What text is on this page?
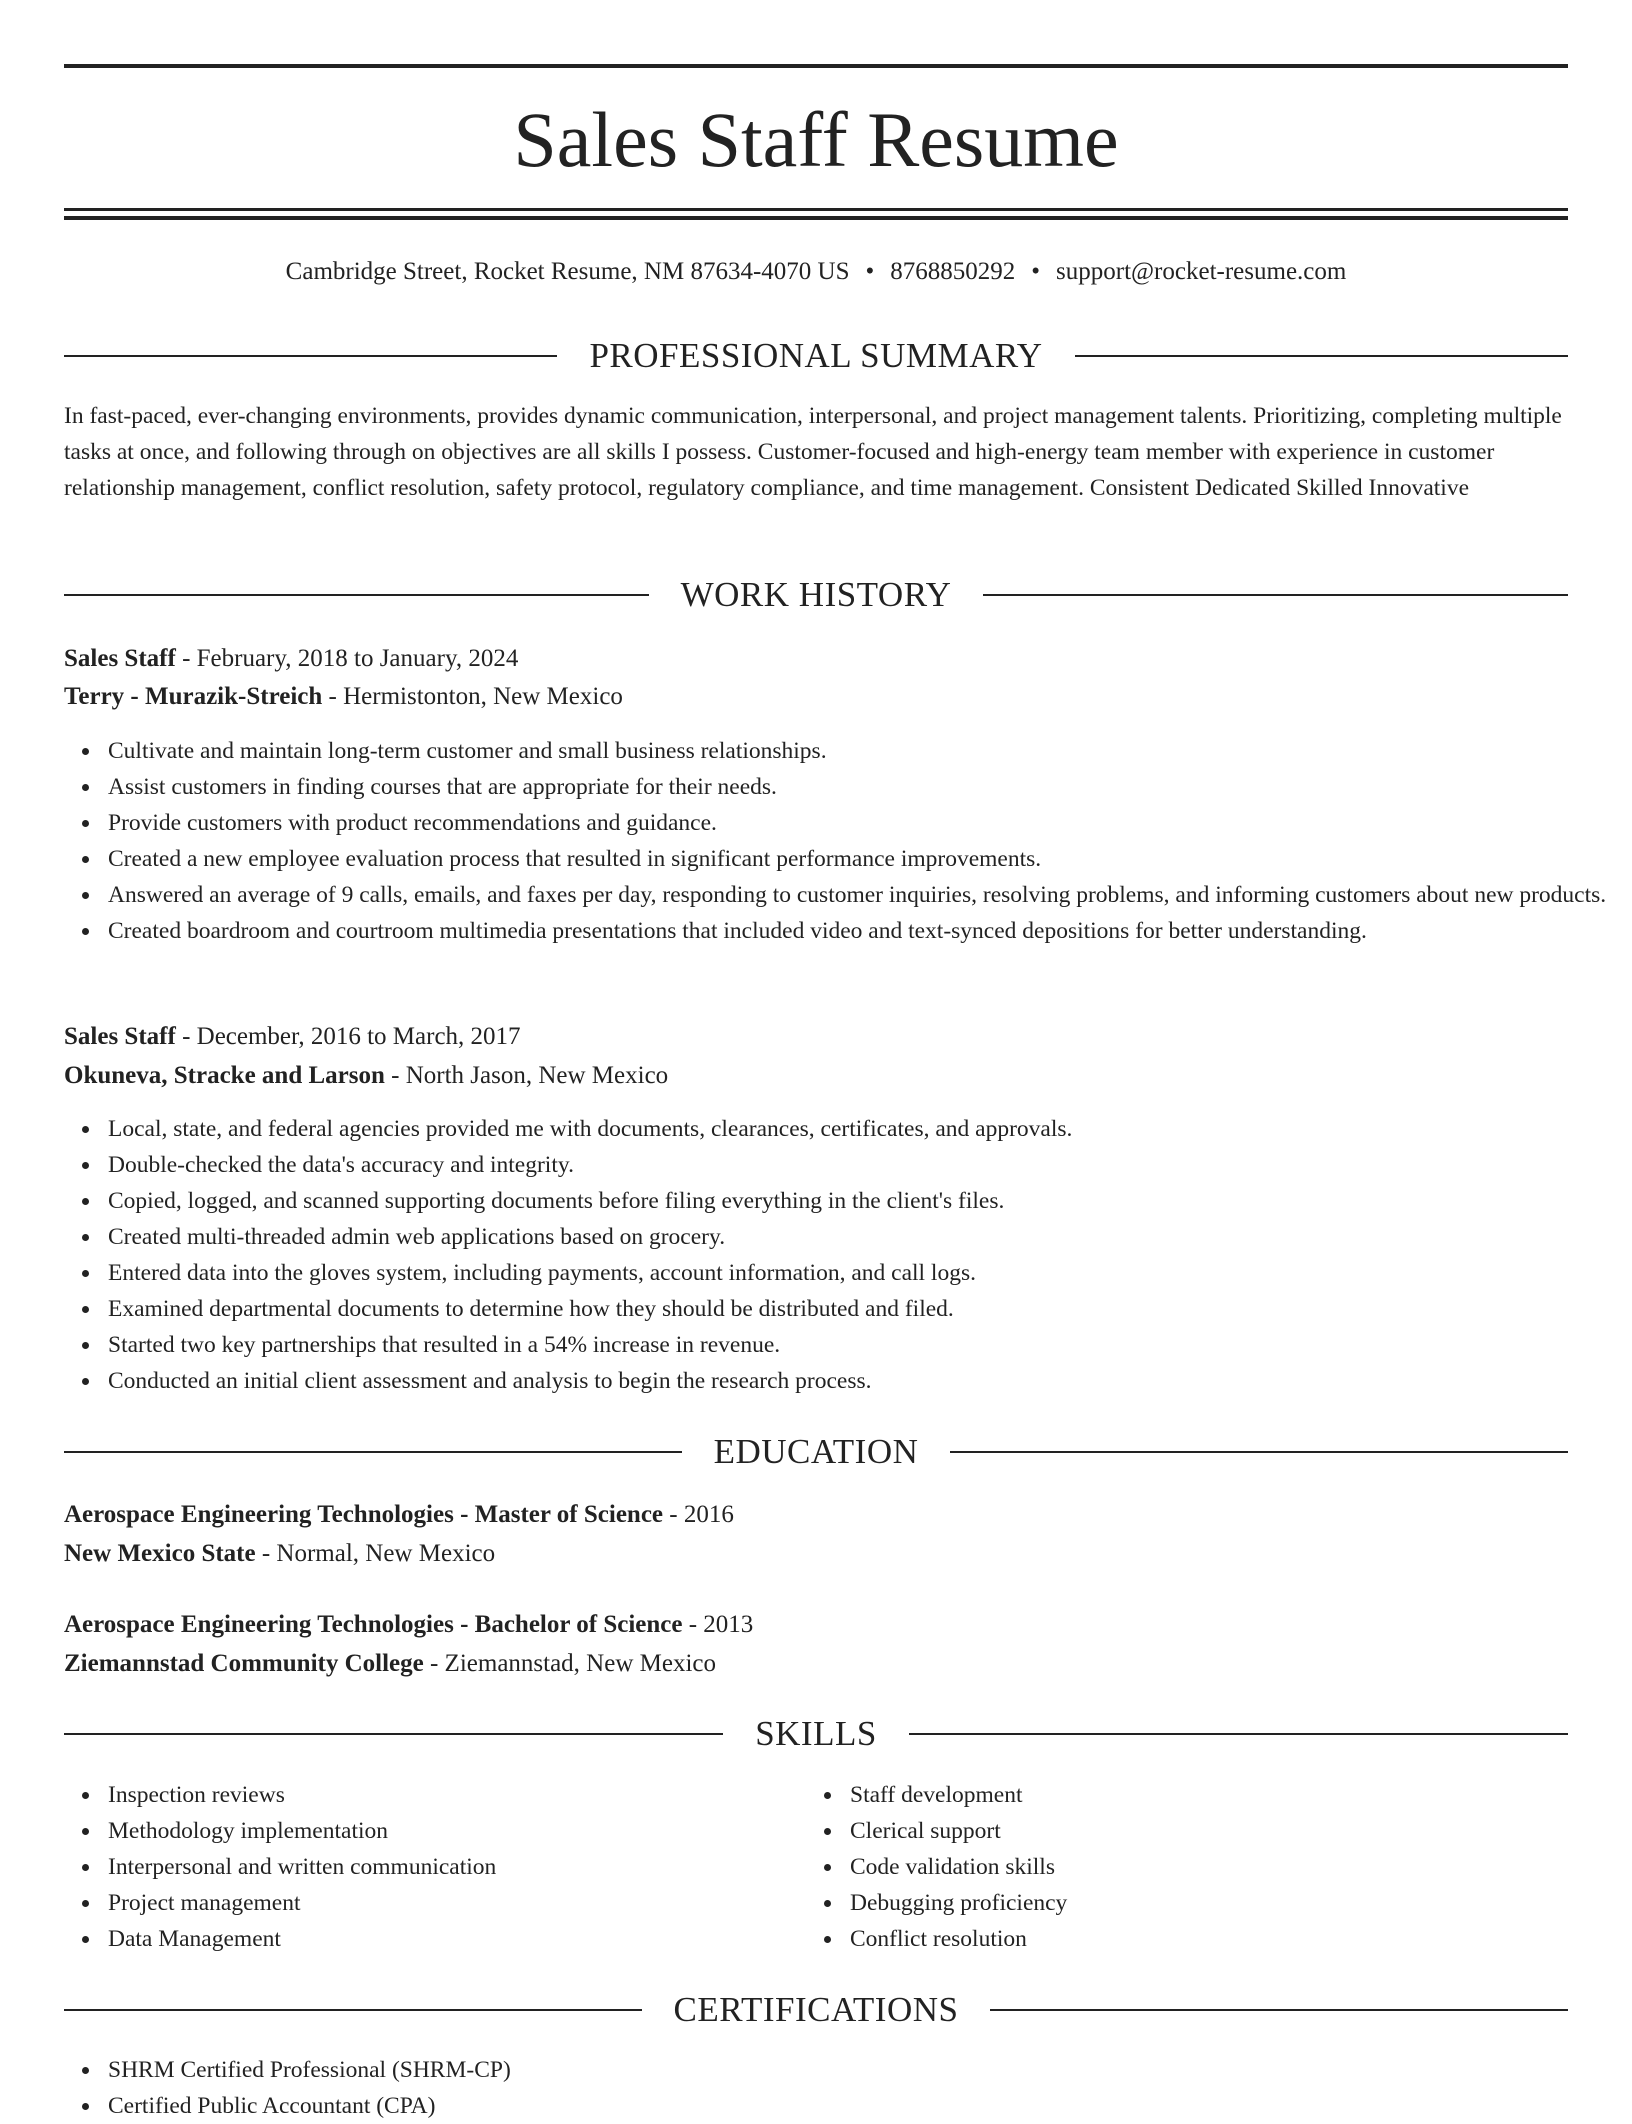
Sales Staff Resume
Cambridge Street, Rocket Resume, NM 87634-4070 US • 8768850292 • support@rocket-resume.com
PROFESSIONAL SUMMARY
In fast-paced, ever-changing environments, provides dynamic communication, interpersonal, and project management talents. Prioritizing, completing multiple tasks at once, and following through on objectives are all skills I possess. Customer-focused and high-energy team member with experience in customer relationship management, conflict resolution, safety protocol, regulatory compliance, and time management. Consistent Dedicated Skilled Innovative
WORK HISTORY
Sales Staff - February, 2018 to January, 2024
Terry - Murazik-Streich - Hermistonton, New Mexico
Cultivate and maintain long-term customer and small business relationships.
Assist customers in finding courses that are appropriate for their needs.
Provide customers with product recommendations and guidance.
Created a new employee evaluation process that resulted in significant performance improvements.
Answered an average of 9 calls, emails, and faxes per day, responding to customer inquiries, resolving problems, and informing customers about new products.
Created boardroom and courtroom multimedia presentations that included video and text-synced depositions for better understanding.
Sales Staff - December, 2016 to March, 2017
Okuneva, Stracke and Larson - North Jason, New Mexico
Local, state, and federal agencies provided me with documents, clearances, certificates, and approvals.
Double-checked the data's accuracy and integrity.
Copied, logged, and scanned supporting documents before filing everything in the client's files.
Created multi-threaded admin web applications based on grocery.
Entered data into the gloves system, including payments, account information, and call logs.
Examined departmental documents to determine how they should be distributed and filed.
Started two key partnerships that resulted in a 54% increase in revenue.
Conducted an initial client assessment and analysis to begin the research process.
EDUCATION
Aerospace Engineering Technologies - Master of Science - 2016
New Mexico State - Normal, New Mexico
Aerospace Engineering Technologies - Bachelor of Science - 2013
Ziemannstad Community College - Ziemannstad, New Mexico
SKILLS
Inspection reviews
Methodology implementation
Interpersonal and written communication
Project management
Data Management
Staff development
Clerical support
Code validation skills
Debugging proficiency
Conflict resolution
CERTIFICATIONS
SHRM Certified Professional (SHRM-CP)
Certified Public Accountant (CPA)
